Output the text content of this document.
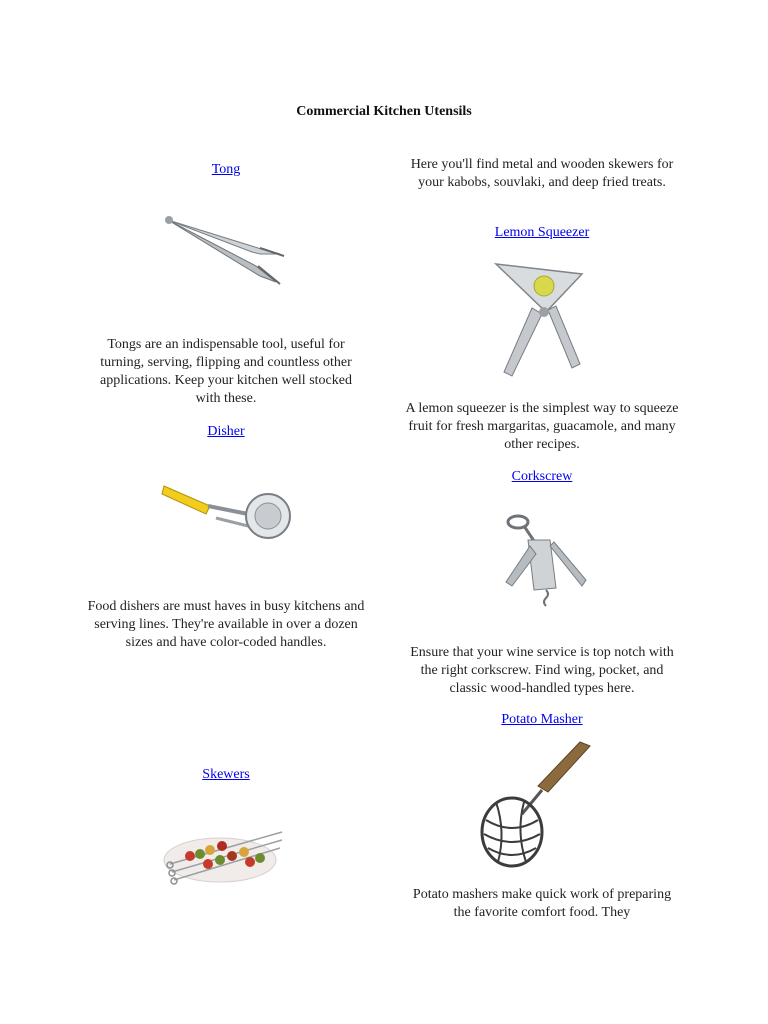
Commercial Kitchen Utensils
Tong
Tongs are an indispensable tool, useful for turning, serving, flipping and countless other applications. Keep your kitchen well stocked with these.
Disher
Food dishers are must haves in busy kitchens and serving lines. They're available in over a dozen sizes and have color-coded handles.
Skewers
Here you'll find metal and wooden skewers for your kabobs, souvlaki, and deep fried treats.
Lemon Squeezer
A lemon squeezer is the simplest way to squeeze fruit for fresh margaritas, guacamole, and many other recipes.
Corkscrew
Ensure that your wine service is top notch with the right corkscrew. Find wing, pocket, and classic wood-handled types here.
Potato Masher
Potato mashers make quick work of preparing the favorite comfort food. They
